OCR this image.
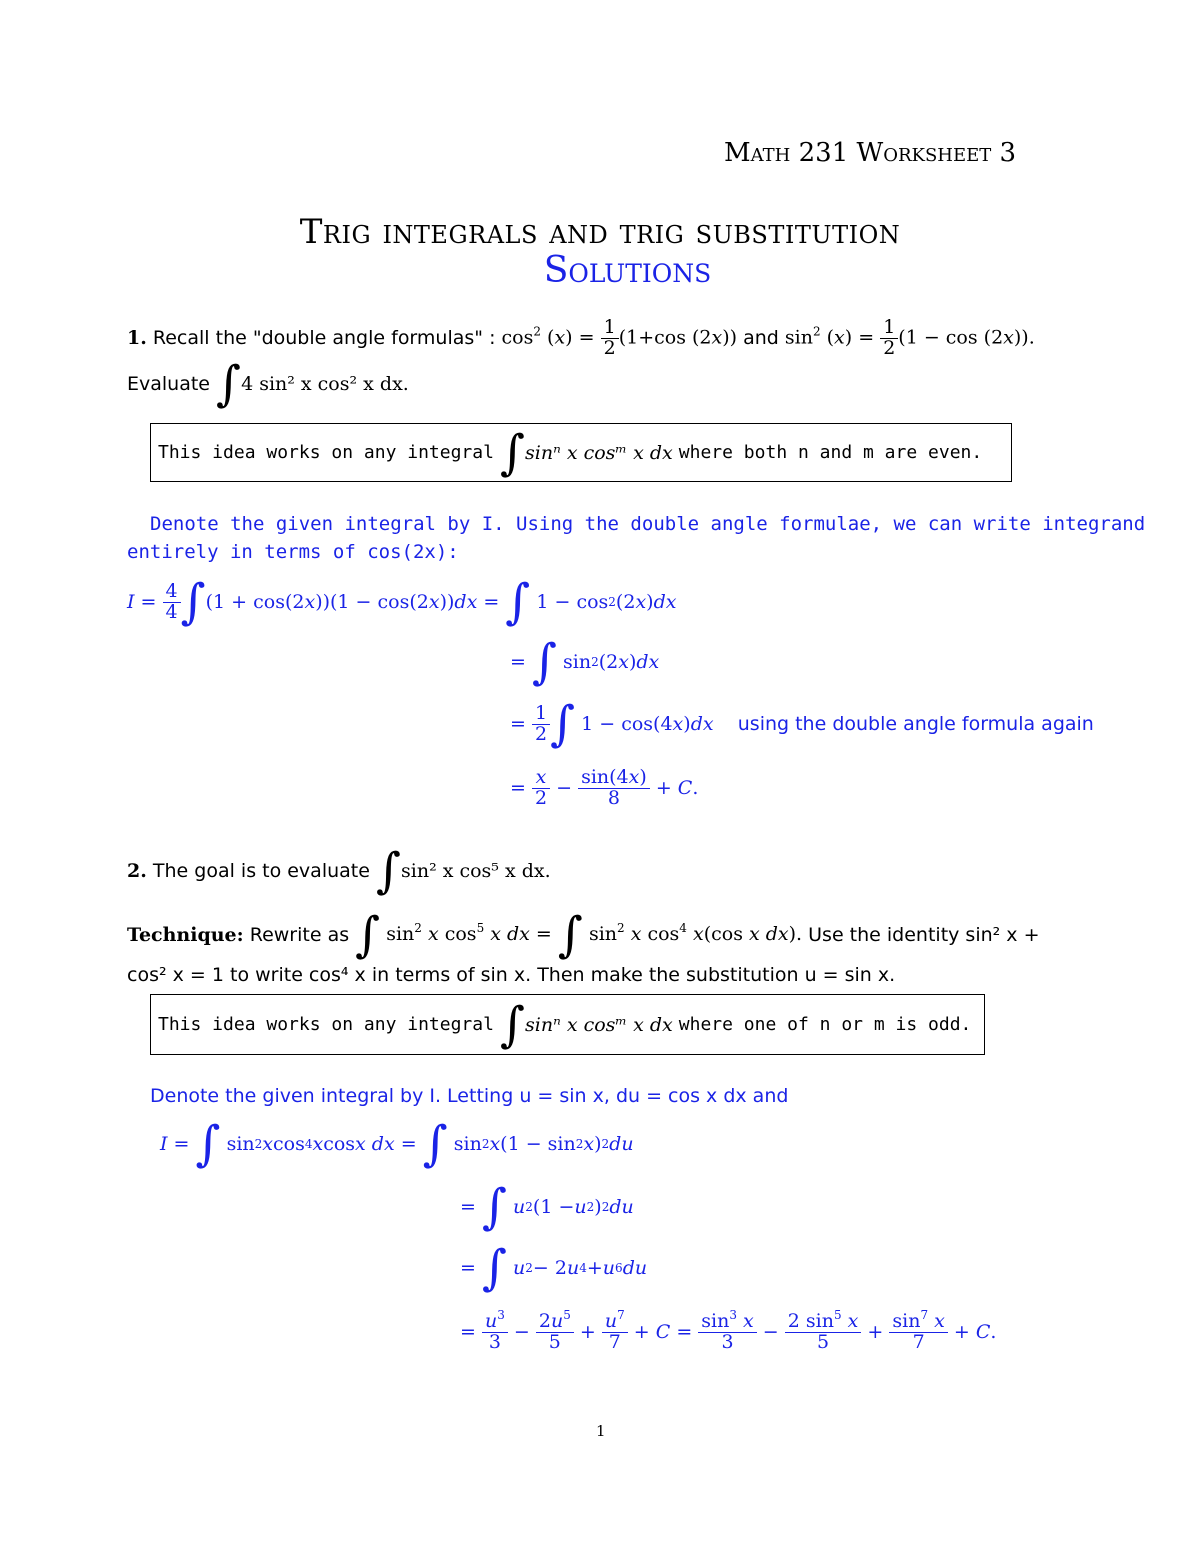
Math 231 Worksheet 3
Trig integrals and trig substitution
Solutions
1.
Recall the "double angle formulas" :
$\cos^2 (x) = \frac{1}{2} (1+\cos$ (2x))
and
$\sin^2 (x) = \frac{1}{2} (1 - \cos (2x))$.
Evaluate
∫ 4 sin² x cos² x dx.
This idea works on any integral
∫ sinⁿ x cosᵐ x dx
where both n and m are even.
Denote the given integral by I. Using the double angle formulae, we can write integrand
entirely in terms of cos(2x):
$I = \frac{4}{4}$ ∫ (1 + cos(2 x ))(1 − cos(2 x )) dx = ∫ 1 − cos 2 (2 x ) dx
= ∫ sin 2 (2 x ) dx
= $\frac{1}{2}$ ∫ 1 − cos(4 x ) dx
using the double angle formula again
= $\frac{x}{2} - \frac{\sin(4x)}{8} + C$ .
2.
The goal is to evaluate
∫ sin² x cos⁵ x dx.
Technique:
Rewrite as
∫ $\sin^2 x$ $\cos^5 x$ dx = ∫ $\sin^2 x$ $\cos^4 x(\cos$ x dx).
Use the identity sin² x +
cos² x = 1 to write cos⁴ x in terms of sin x. Then make the substitution u = sin x.
This idea works on any integral
∫ sinⁿ x cosᵐ x dx
where one of n or m is odd.
Denote the given integral by I. Letting u = sin x, du = cos x dx and
I = ∫ sin 2 x cos 4 x cos x dx = ∫ sin 2 x (1 − sin 2 x ) 2 du
= ∫
u 2 (1 − u 2 ) 2 du
= ∫
u 2 − 2 u 4 + u 6 du
= $\frac{u^3}{3} - \frac{2u^5}{5} + \frac{u^7}{7} + C = \frac{\sin^3 x}{3} - \frac{2 \sin^5 x}{5} + \frac{\sin^7 x}{7} + C$ .
1
